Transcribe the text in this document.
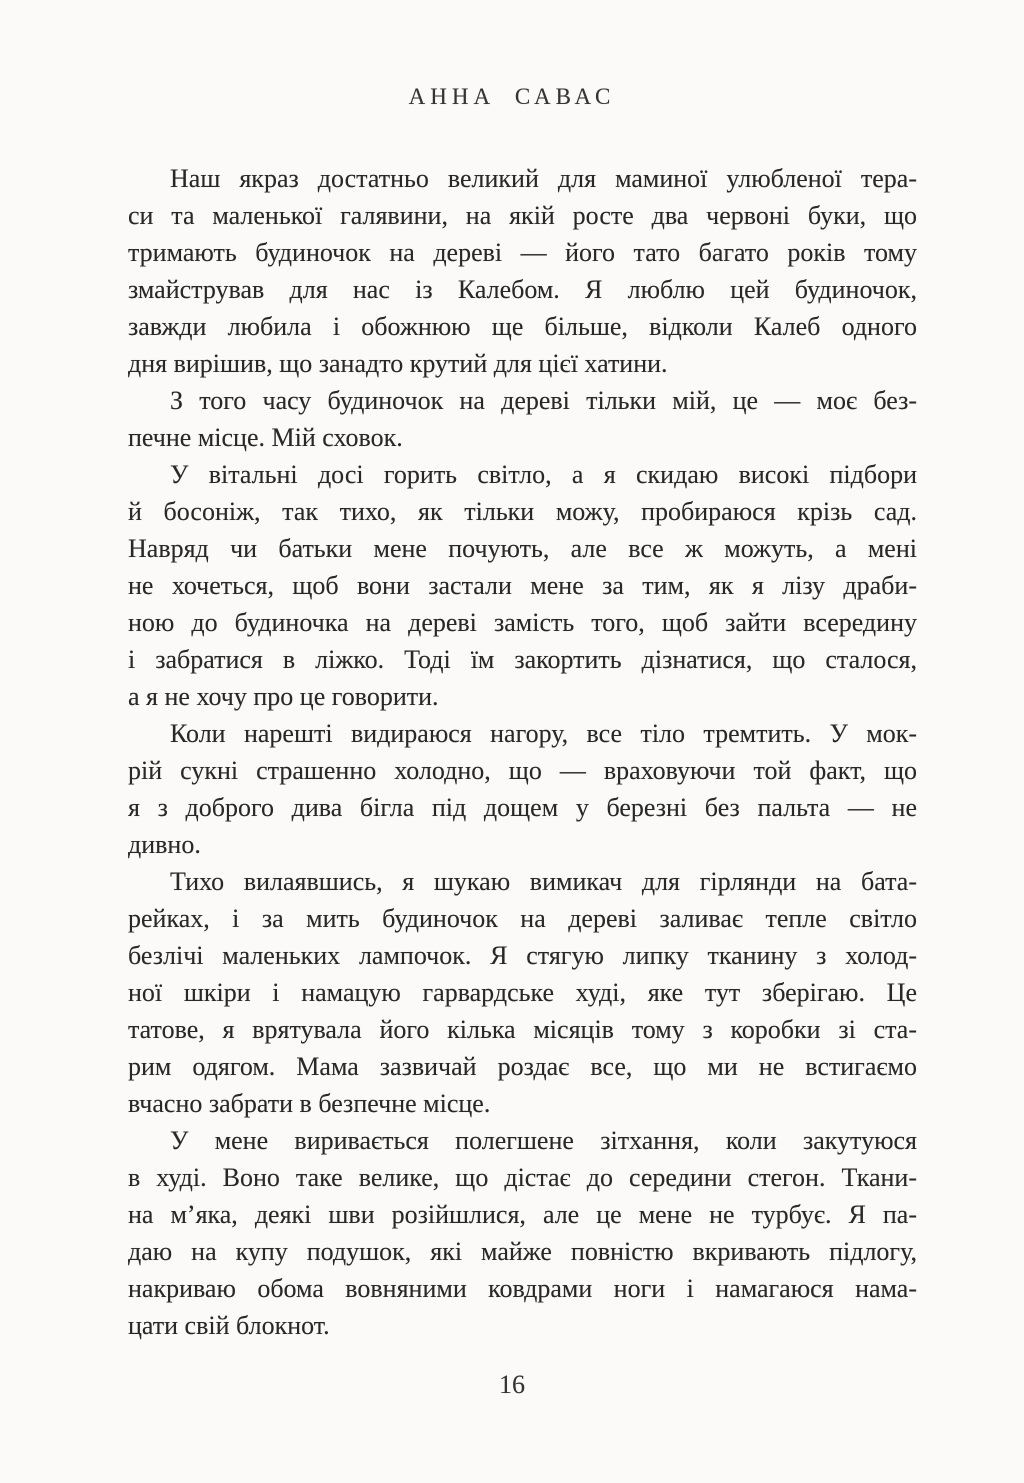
АННА САВАС
Наш якраз достатньо великий для маминої улюбленої тера-
си та маленької галявини, на якій росте два червоні буки, що
тримають будиночок на дереві — його тато багато років тому
змайстрував для нас із Калебом. Я люблю цей будиночок,
завжди любила і обожнюю ще більше, відколи Калеб одного
дня вирішив, що занадто крутий для цієї хатини.
З того часу будиночок на дереві тільки мій, це — моє без-
печне місце. Мій сховок.
У вітальні досі горить світло, а я скидаю високі підбори
й босоніж, так тихо, як тільки можу, пробираюся крізь сад.
Навряд чи батьки мене почують, але все ж можуть, а мені
не хочеться, щоб вони застали мене за тим, як я лізу драби-
ною до будиночка на дереві замість того, щоб зайти всередину
і забратися в ліжко. Тоді їм закортить дізнатися, що сталося,
а я не хочу про це говорити.
Коли нарешті видираюся нагору, все тіло тремтить. У мок-
рій сукні страшенно холодно, що — враховуючи той факт, що
я з доброго дива бігла під дощем у березні без пальта — не
дивно.
Тихо вилаявшись, я шукаю вимикач для гірлянди на бата-
рейках, і за мить будиночок на дереві заливає тепле світло
безлічі маленьких лампочок. Я стягую липку тканину з холод-
ної шкіри і намацую гарвардське худі, яке тут зберігаю. Це
татове, я врятувала його кілька місяців тому з коробки зі ста-
рим одягом. Мама зазвичай роздає все, що ми не встигаємо
вчасно забрати в безпечне місце.
У мене виривається полегшене зітхання, коли закутуюся
в худі. Воно таке велике, що дістає до середини стегон. Ткани-
на м’яка, деякі шви розійшлися, але це мене не турбує. Я па-
даю на купу подушок, які майже повністю вкривають підлогу,
накриваю обома вовняними ковдрами ноги і намагаюся нама-
цати свій блокнот.
16
